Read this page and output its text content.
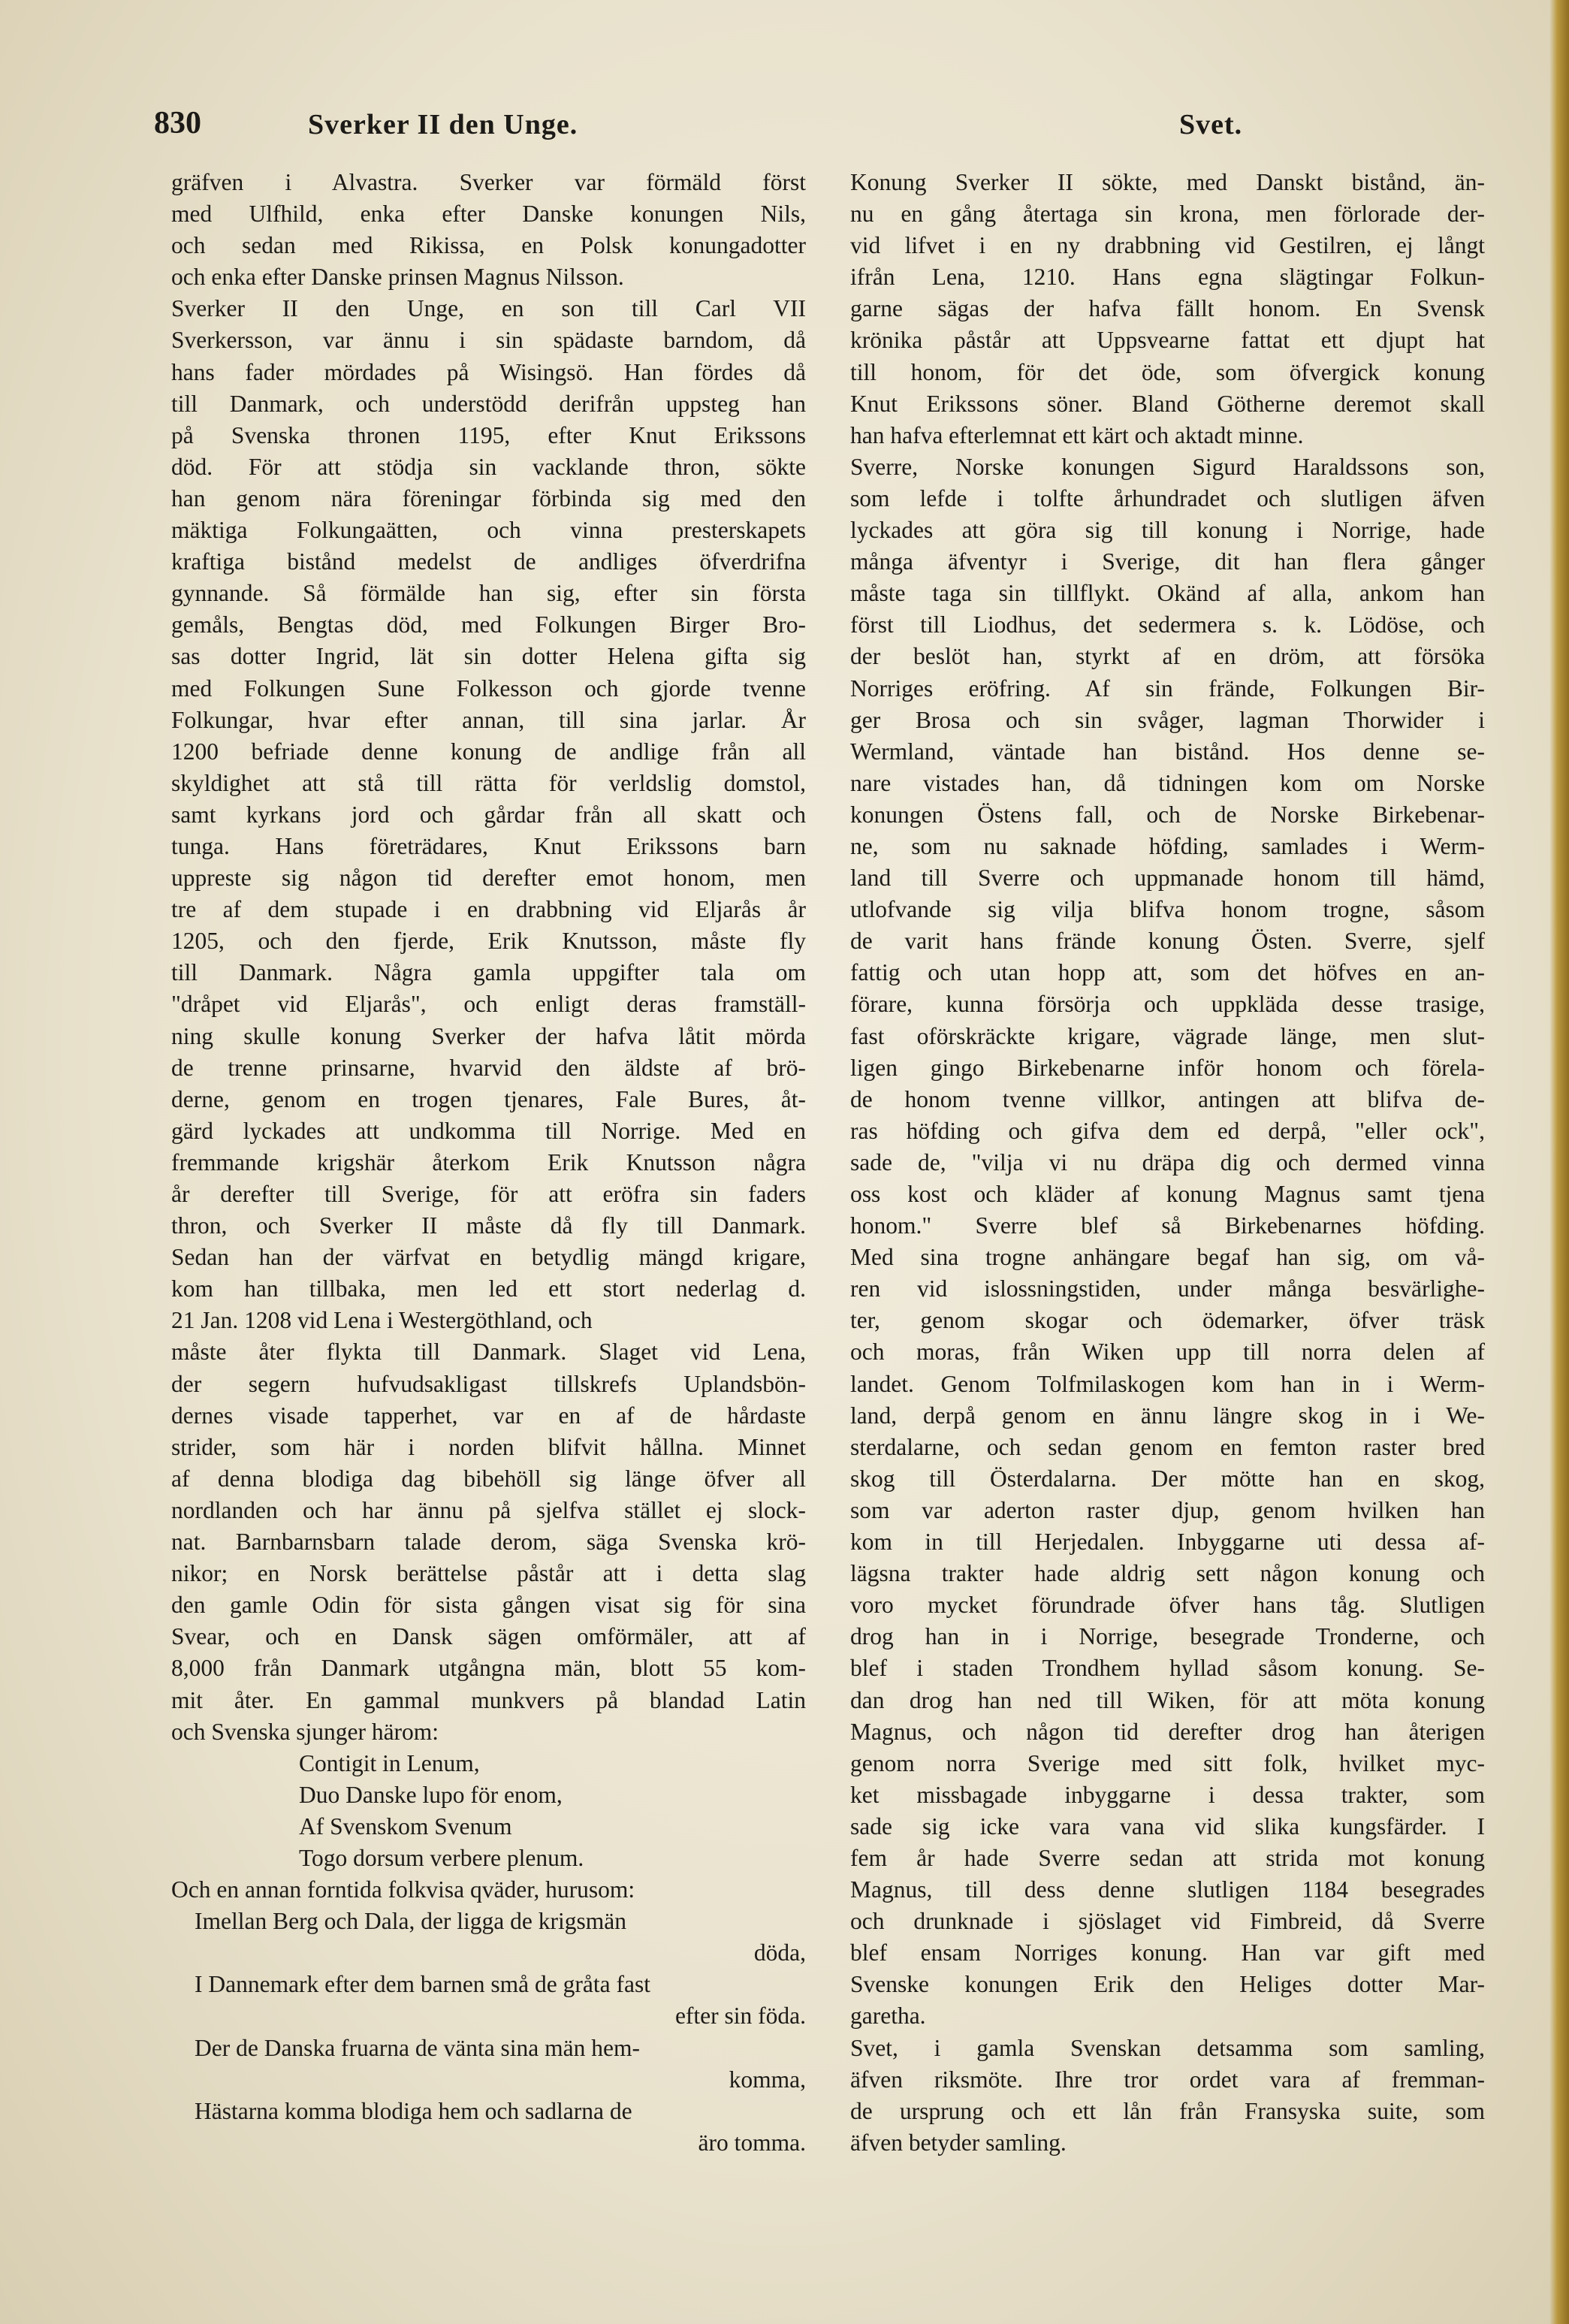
830	Sverker II den Unge.	Svet.
gräfven i Alvastra. Sverker var förmäld först
med Ulfhild, enka efter Danske konungen Nils,
och sedan med Rikissa, en Polsk konungadotter
och enka efter Danske prinsen Magnus Nilsson.
Sverker II den Unge, en son till Carl VII
Sverkersson, var ännu i sin spädaste barndom, då
hans fader mördades på Wisingsö. Han fördes då
till Danmark, och understödd derifrån uppsteg han
på Svenska thronen 1195, efter Knut Erikssons
död. För att stödja sin vacklande thron, sökte
han genom nära föreningar förbinda sig med den
mäktiga Folkungaätten, och vinna presterskapets
kraftiga bistånd medelst de andliges öfverdrifna
gynnande. Så förmälde han sig, efter sin första
gemåls, Bengtas död, med Folkungen Birger Bro-
sas dotter Ingrid, lät sin dotter Helena gifta sig
med Folkungen Sune Folkesson och gjorde tvenne
Folkungar, hvar efter annan, till sina jarlar. År
1200 befriade denne konung de andlige från all
skyldighet att stå till rätta för verldslig domstol,
samt kyrkans jord och gårdar från all skatt och
tunga. Hans företrädares, Knut Erikssons barn
uppreste sig någon tid derefter emot honom, men
tre af dem stupade i en drabbning vid Eljarås år
1205, och den fjerde, Erik Knutsson, måste fly
till Danmark. Några gamla uppgifter tala om
"dråpet vid Eljarås", och enligt deras framställ-
ning skulle konung Sverker der hafva låtit mörda
de trenne prinsarne, hvarvid den äldste af brö-
derne, genom en trogen tjenares, Fale Bures, åt-
gärd lyckades att undkomma till Norrige. Med en
fremmande krigshär återkom Erik Knutsson några
år derefter till Sverige, för att eröfra sin faders
thron, och Sverker II måste då fly till Danmark.
Sedan han der värfvat en betydlig mängd krigare,
kom han tillbaka, men led ett stort nederlag d.
21 Jan. 1208 vid Lena i Westergöthland, och
måste åter flykta till Danmark. Slaget vid Lena,
der segern hufvudsakligast tillskrefs Uplandsbön-
dernes visade tapperhet, var en af de hårdaste
strider, som här i norden blifvit hållna. Minnet
af denna blodiga dag bibehöll sig länge öfver all
nordlanden och har ännu på sjelfva stället ej slock-
nat. Barnbarnsbarn talade derom, säga Svenska krö-
nikor; en Norsk berättelse påstår att i detta slag
den gamle Odin för sista gången visat sig för sina
Svear, och en Dansk sägen omförmäler, att af
8,000 från Danmark utgångna män, blott 55 kom-
mit åter. En gammal munkvers på blandad Latin
och Svenska sjunger härom:
Contigit in Lenum,
Duo Danske lupo för enom,
Af Svenskom Svenum
Togo dorsum verbere plenum.
Och en annan forntida folkvisa qväder, hurusom:
Imellan Berg och Dala, der ligga de krigsmän
döda,
I Dannemark efter dem barnen små de gråta fast
efter sin föda.
Der de Danska fruarna de vänta sina män hem-
komma,
Hästarna komma blodiga hem och sadlarna de
äro tomma.
Konung Sverker II sökte, med Danskt bistånd, än-
nu en gång återtaga sin krona, men förlorade der-
vid lifvet i en ny drabbning vid Gestilren, ej långt
ifrån Lena, 1210. Hans egna slägtingar Folkun-
garne sägas der hafva fällt honom. En Svensk
krönika påstår att Uppsvearne fattat ett djupt hat
till honom, för det öde, som öfvergick konung
Knut Erikssons söner. Bland Götherne deremot skall
han hafva efterlemnat ett kärt och aktadt minne.
Sverre, Norske konungen Sigurd Haraldssons son,
som lefde i tolfte århundradet och slutligen äfven
lyckades att göra sig till konung i Norrige, hade
många äfventyr i Sverige, dit han flera gånger
måste taga sin tillflykt. Okänd af alla, ankom han
först till Liodhus, det sedermera s. k. Lödöse, och
der beslöt han, styrkt af en dröm, att försöka
Norriges eröfring. Af sin frände, Folkungen Bir-
ger Brosa och sin svåger, lagman Thorwider i
Wermland, väntade han bistånd. Hos denne se-
nare vistades han, då tidningen kom om Norske
konungen Östens fall, och de Norske Birkebenar-
ne, som nu saknade höfding, samlades i Werm-
land till Sverre och uppmanade honom till hämd,
utlofvande sig vilja blifva honom trogne, såsom
de varit hans frände konung Östen. Sverre, sjelf
fattig och utan hopp att, som det höfves en an-
förare, kunna försörja och uppkläda desse trasige,
fast oförskräckte krigare, vägrade länge, men slut-
ligen gingo Birkebenarne inför honom och förela-
de honom tvenne villkor, antingen att blifva de-
ras höfding och gifva dem ed derpå, "eller ock",
sade de, "vilja vi nu dräpa dig och dermed vinna
oss kost och kläder af konung Magnus samt tjena
honom." Sverre blef så Birkebenarnes höfding.
Med sina trogne anhängare begaf han sig, om vå-
ren vid islossningstiden, under många besvärlighe-
ter, genom skogar och ödemarker, öfver träsk
och moras, från Wiken upp till norra delen af
landet. Genom Tolfmilaskogen kom han in i Werm-
land, derpå genom en ännu längre skog in i We-
sterdalarne, och sedan genom en femton raster bred
skog till Österdalarna. Der mötte han en skog,
som var aderton raster djup, genom hvilken han
kom in till Herjedalen. Inbyggarne uti dessa af-
lägsna trakter hade aldrig sett någon konung och
voro mycket förundrade öfver hans tåg. Slutligen
drog han in i Norrige, besegrade Tronderne, och
blef i staden Trondhem hyllad såsom konung. Se-
dan drog han ned till Wiken, för att möta konung
Magnus, och någon tid derefter drog han återigen
genom norra Sverige med sitt folk, hvilket myc-
ket missbagade inbyggarne i dessa trakter, som
sade sig icke vara vana vid slika kungsfärder. I
fem år hade Sverre sedan att strida mot konung
Magnus, till dess denne slutligen 1184 besegrades
och drunknade i sjöslaget vid Fimbreid, då Sverre
blef ensam Norriges konung. Han var gift med
Svenske konungen Erik den Heliges dotter Mar-
garetha.
Svet, i gamla Svenskan detsamma som samling,
äfven riksmöte. Ihre tror ordet vara af fremman-
de ursprung och ett lån från Fransyska suite, som
äfven betyder samling.
